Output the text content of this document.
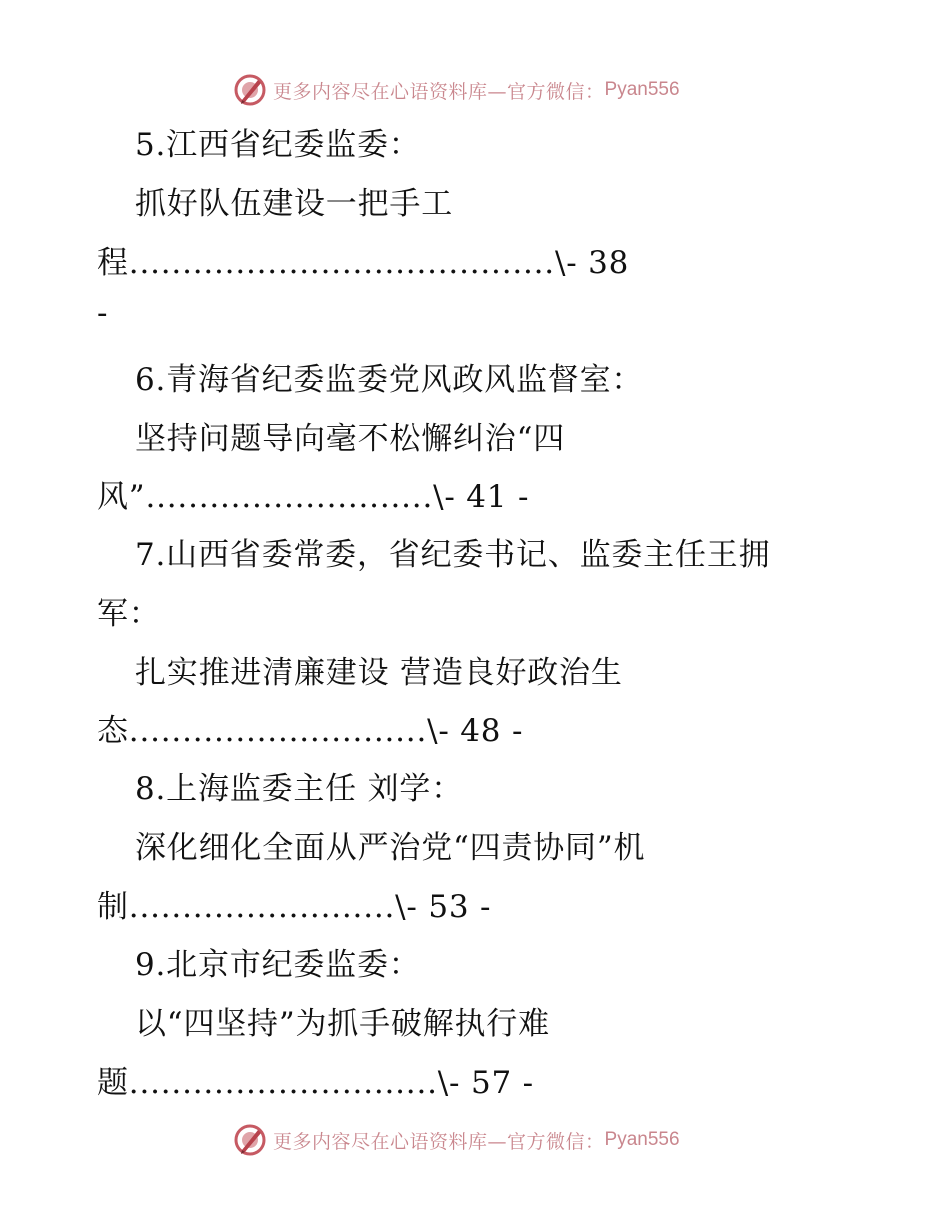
更多内容尽在心语资料库—官方微信： Pyan556
5.江西省纪委监委：
抓好队伍建设一把手工
程........................................\- 38
-
6.青海省纪委监委党风政风监督室：
坚持问题导向毫不松懈纠治“四
风”...........................\- 41 -
7.山西省委常委，省纪委书记、监委主任王拥
军：
扎实推进清廉建设 营造良好政治生
态............................\- 48 -
8.上海监委主任 刘学：
深化细化全面从严治党“四责协同”机
制.........................\- 53 -
9.北京市纪委监委：
以“四坚持”为抓手破解执行难
题.............................\- 57 -
更多内容尽在心语资料库—官方微信： Pyan556
